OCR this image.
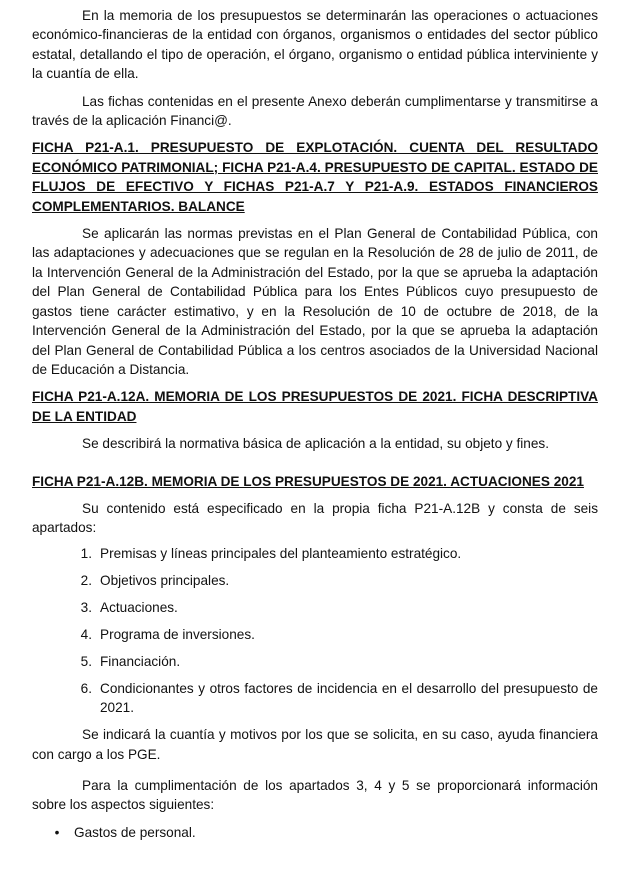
En la memoria de los presupuestos se determinarán las operaciones o actuaciones económico-financieras de la entidad con órganos, organismos o entidades del sector público estatal, detallando el tipo de operación, el órgano, organismo o entidad pública interviniente y la cuantía de ella.

Las fichas contenidas en el presente Anexo deberán cumplimentarse y transmitirse a través de la aplicación Financi@.

FICHA P21-A.1. PRESUPUESTO DE EXPLOTACIÓN. CUENTA DEL RESULTADO ECONÓMICO PATRIMONIAL; FICHA P21-A.4. PRESUPUESTO DE CAPITAL. ESTADO DE FLUJOS DE EFECTIVO Y FICHAS P21-A.7 Y P21-A.9. ESTADOS FINANCIEROS COMPLEMENTARIOS. BALANCE

Se aplicarán las normas previstas en el Plan General de Contabilidad Pública, con las adaptaciones y adecuaciones que se regulan en la Resolución de 28 de julio de 2011, de la Intervención General de la Administración del Estado, por la que se aprueba la adaptación del Plan General de Contabilidad Pública para los Entes Públicos cuyo presupuesto de gastos tiene carácter estimativo, y en la Resolución de 10 de octubre de 2018, de la Intervención General de la Administración del Estado, por la que se aprueba la adaptación del Plan General de Contabilidad Pública a los centros asociados de la Universidad Nacional de Educación a Distancia.

FICHA P21-A.12A. MEMORIA DE LOS PRESUPUESTOS DE 2021. FICHA DESCRIPTIVA DE LA ENTIDAD

Se describirá la normativa básica de aplicación a la entidad, su objeto y fines.

FICHA P21-A.12B. MEMORIA DE LOS PRESUPUESTOS DE 2021. ACTUACIONES 2021

Su contenido está especificado en la propia ficha P21-A.12B y consta de seis apartados:

1. Premisas y líneas principales del planteamiento estratégico.
2. Objetivos principales.
3. Actuaciones.
4. Programa de inversiones.
5. Financiación.
6. Condicionantes y otros factores de incidencia en el desarrollo del presupuesto de 2021.

Se indicará la cuantía y motivos por los que se solicita, en su caso, ayuda financiera con cargo a los PGE.

Para la cumplimentación de los apartados 3, 4 y 5 se proporcionará información sobre los aspectos siguientes:

•	Gastos de personal.
